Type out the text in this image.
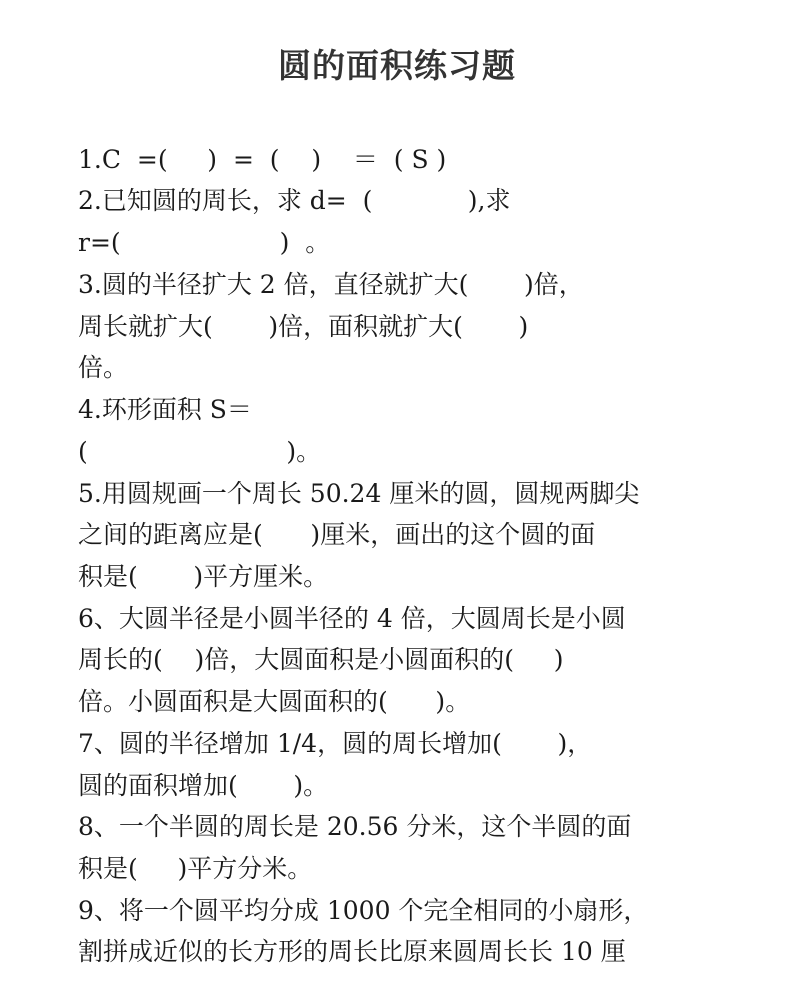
圆的面积练习题
1.C  =(     )  =  (    )    ＝  ( S )
2.已知圆的周长，求 d=  (            ),求
r=(                    )  。
3.圆的半径扩大 2 倍，直径就扩大(       )倍，
周长就扩大(       )倍，面积就扩大(       )
倍。
4.环形面积 S＝
(                         )。
5.用圆规画一个周长 50.24 厘米的圆，圆规两脚尖
之间的距离应是(      )厘米，画出的这个圆的面
积是(       )平方厘米。
6、大圆半径是小圆半径的 4 倍，大圆周长是小圆
周长的(    )倍，大圆面积是小圆面积的(     )
倍。小圆面积是大圆面积的(      )。
7、圆的半径增加 1/4，圆的周长增加(       )，
圆的面积增加(       )。
8、一个半圆的周长是 20.56 分米，这个半圆的面
积是(     )平方分米。
9、将一个圆平均分成 1000 个完全相同的小扇形，
割拼成近似的长方形的周长比原来圆周长长 10 厘
